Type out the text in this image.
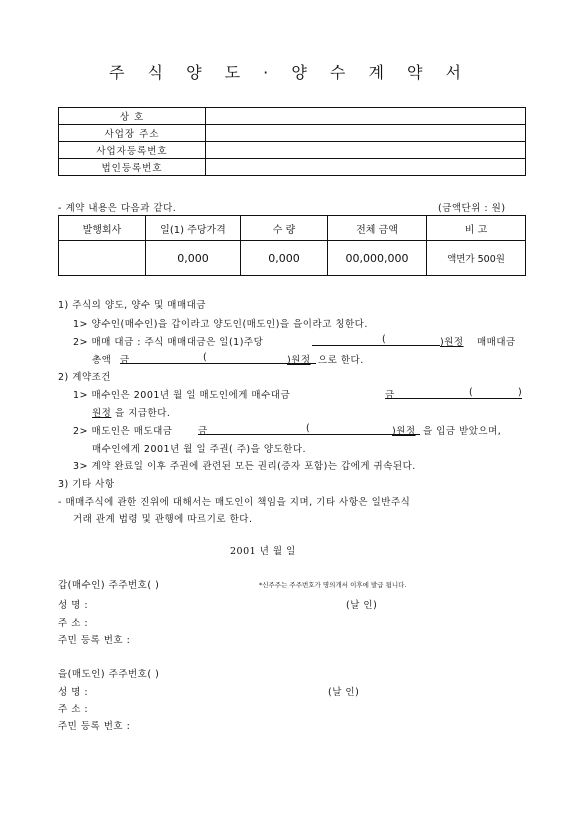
주 식 양 도 · 양 수 계 약 서
상 호	
사업장 주소	
사업자등록번호	
법인등록번호	
- 계약 내용은 다음과 같다.	(금액단위 : 원)
발행회사	일(1) 주당가격	수 량	전체 금액	비 고
	0,000	0,000	00,000,000	액면가 500원
1) 주식의 양도, 양수 및 매매대금
1> 양수인(매수인)을 갑이라고 양도인(매도인)을 을이라고 칭한다.
2> 매매 대금 : 주식 매매대금은 일(1)주당	(	)원정 매매대금
총액 금	(	)원정 으로 한다.
2) 계약조건
1> 매수인은 2001년 월 일 매도인에게 매수대금	금	(	)
원정 을 지급한다.
2> 매도인은 매도대금	금	(	)원정 을 입금 받았으며,
매수인에게 2001년 월 일 주권( 주)을 양도한다.
3> 계약 완료일 이후 주권에 관련된 모든 권리(증자 포함)는 갑에게 귀속된다.
3) 기타 사항
- 매매주식에 관한 진위에 대해서는 매도인이 책임을 지며, 기타 사항은 일반주식
거래 관계 법령 및 관행에 따르기로 한다.
2001 년 월 일
갑(매수인) 주주번호( )	*신주주는 주주번호가 명의개서 이후에 발급 됩니다.
성 명 :	(날 인)
주 소 :
주민 등록 번호 :
을(매도인) 주주번호( )
성 명 :	(날 인)
주 소 :
주민 등록 번호 :
